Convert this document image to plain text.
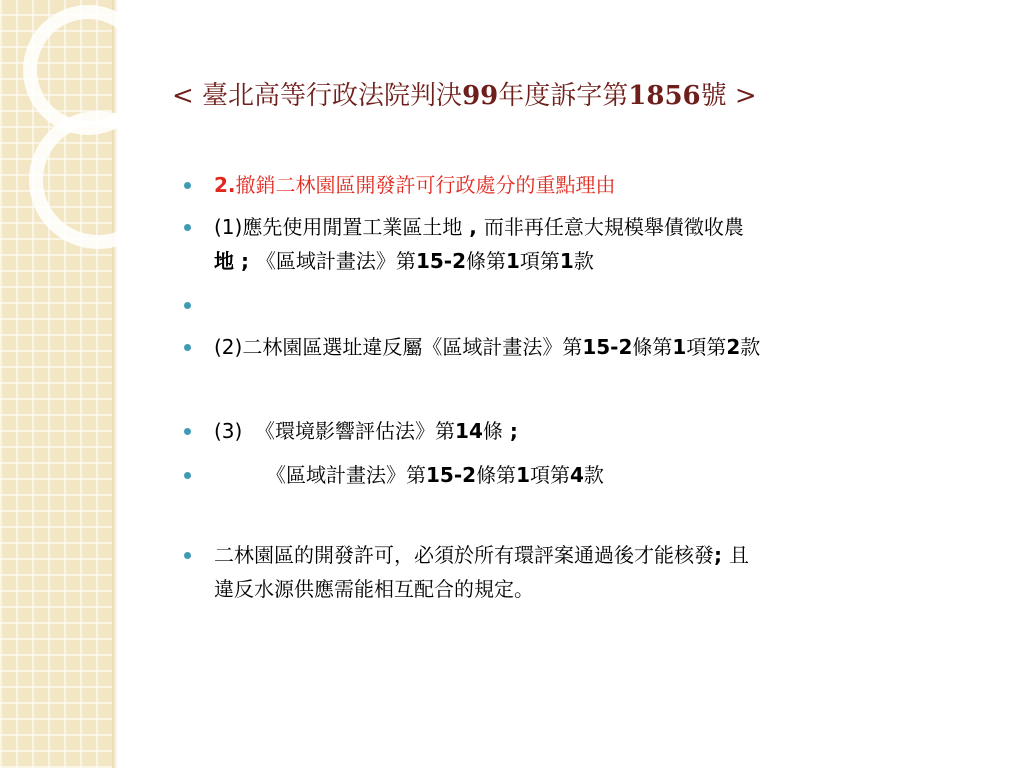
< 臺北高等行政法院判決99年度訴字第1856號 >
2.撤銷二林園區開發許可行政處分的重點理由
(1)應先使用閒置工業區土地 , 而非再任意大規模舉債徵收農
地 ; 《區域計畫法》第15-2條第1項第1款
(2)二林園區選址違反屬《區域計畫法》第15-2條第1項第2款
(3)  《環境影響評估法》第14條 ;
《區域計畫法》第15-2條第1項第4款
二林園區的開發許可，必須於所有環評案通過後才能核發; 且
違反水源供應需能相互配合的規定。
